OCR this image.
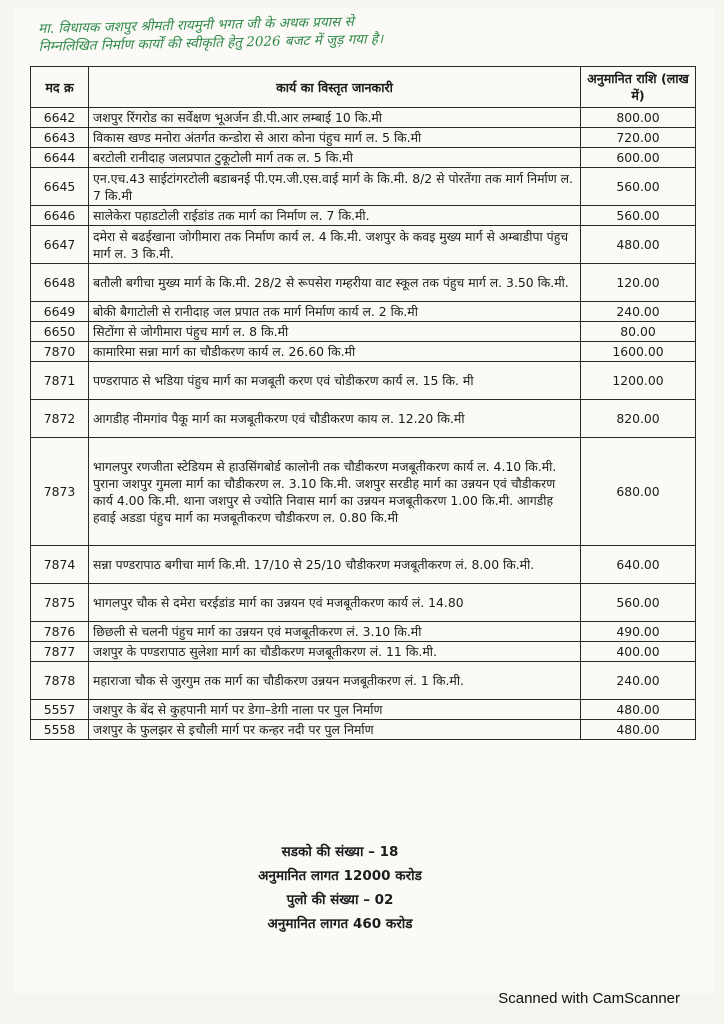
मा. विधायक जशपुर श्रीमती रायमुनी भगत जी के अथक प्रयास से
निम्नलिखित निर्माण कार्यों की स्वीकृति हेतु 2026 बजट में जुड़ गया है।
मद क्र	कार्य का विस्तृत जानकारी	अनुमानित राशि (लाख में)
6642	जशपुर रिंगरोड का सर्वेक्षण भूअर्जन डी.पी.आर लम्बाई 10 कि.मी	800.00
6643	विकास खण्ड मनोरा अंतर्गत कन्डोरा से आरा कोना पंहुच मार्ग ल. 5 कि.मी	720.00
6644	बरटोली रानीदाह जलप्रपात टुकूटोली मार्ग तक ल. 5 कि.मी	600.00
6645	एन.एच.43 साईटांगरटोली बडाबनई पी.एम.जी.एस.वाई मार्ग के कि.मी. 8/2 से पोरतेंगा तक मार्ग निर्माण ल. 7 कि.मी	560.00
6646	सालेकेरा पहाडटोली राईडांड तक मार्ग का निर्माण ल. 7 कि.मी.	560.00
6647	दमेरा से बढईखाना जोगीमारा तक निर्माण कार्य ल. 4 कि.मी. जशपुर के कवइ मुख्य मार्ग से अम्बाडीपा पंहुच मार्ग ल. 3 कि.मी.	480.00
6648	बतौली बगीचा मुख्य मार्ग के कि.मी. 28/2 से रूपसेरा गम्हरीया वाट स्कूल तक पंहुच मार्ग ल. 3.50 कि.मी.	120.00
6649	बोकी बैगाटोली से रानीदाह जल प्रपात तक मार्ग निर्माण कार्य ल. 2 कि.मी	240.00
6650	सिटोंगा से जोगीमारा पंहुच मार्ग ल. 8 कि.मी	80.00
7870	कामारिमा सन्ना मार्ग का चौडीकरण कार्य ल. 26.60 कि.मी	1600.00
7871	पण्डरापाठ से भडिया पंहुच मार्ग का मजबूती करण एवं चोडीकरण कार्य ल. 15 कि. मी	1200.00
7872	आगडीह नीमगांव पैकू मार्ग का मजबूतीकरण एवं चौडीकरण काय ल. 12.20 कि.मी	820.00
7873	भागलपुर रणजीता स्टेडियम से हाउसिंगबोर्ड कालोनी तक चौडीकरण मजबूतीकरण कार्य ल. 4.10 कि.मी. पुराना जशपुर गुमला मार्ग का चौडीकरण ल. 3.10 कि.मी. जशपुर सरडीह मार्ग का उन्नयन एवं चौडीकरण कार्य 4.00 कि.मी. थाना जशपुर से ज्योति निवास मार्ग का उन्नयन मजबूतीकरण 1.00 कि.मी. आगडीह हवाई अडडा पंहुच मार्ग का मजबूतीकरण चौडीकरण ल. 0.80 कि.मी	680.00
7874	सन्ना पण्डरापाठ बगीचा मार्ग कि.मी. 17/10 से 25/10 चौडीकरण मजबूतीकरण लं. 8.00 कि.मी.	640.00
7875	भागलपुर चौक से दमेरा चरईडांड मार्ग का उन्नयन एवं मजबूतीकरण कार्य लं. 14.80	560.00
7876	छिछली से चलनी पंहुच मार्ग का उन्नयन एवं मजबूतीकरण लं. 3.10 कि.मी	490.00
7877	जशपुर के पण्डरापाठ सुलेशा मार्ग का चौडीकरण मजबूतीकरण लं. 11 कि.मी.	400.00
7878	महाराजा चौक से जुरगुम तक मार्ग का चौडीकरण उन्नयन मजबूतीकरण लं. 1 कि.मी.	240.00
5557	जशपुर के बेंद से कुहपानी मार्ग पर डेगा–डेगी नाला पर पुल निर्माण	480.00
5558	जशपुर के फुलझर से इचौली मार्ग पर कन्हर नदी पर पुल निर्माण	480.00
सडको की संख्या – 18
अनुमानित लागत 12000 करोड
पुलो की संख्या – 02
अनुमानित लागत 460 करोड
Scanned with CamScanner
